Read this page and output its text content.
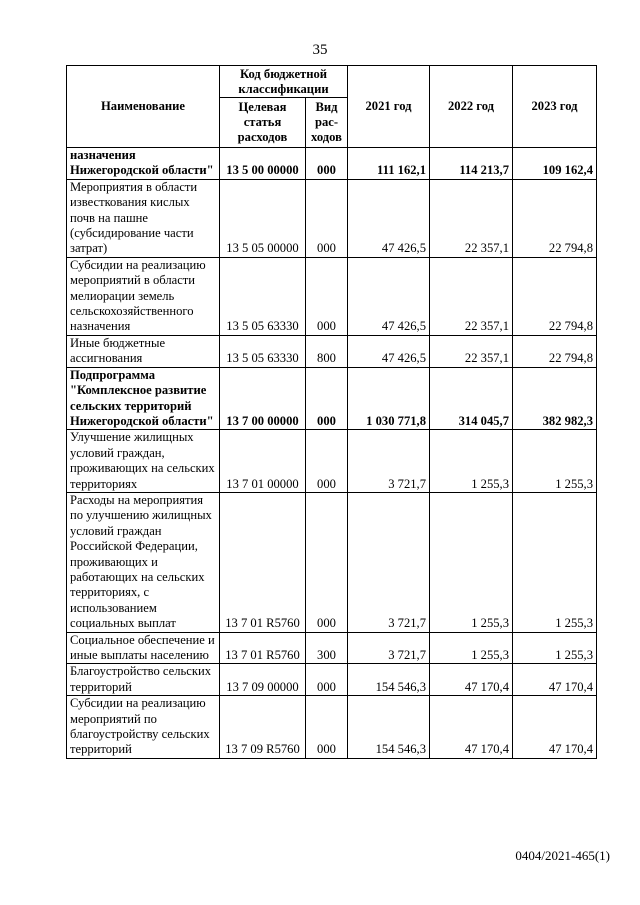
35
Наименование	Код бюджетной классификации		2021 год	2022 год	2023 год
	Целевая статья расходов	Вид рас-ходов			
назначения Нижегородской области"	13 5 00 00000	000	111 162,1	114 213,7	109 162,4
Мероприятия в области известкования кислых почв на пашне (субсидирование части затрат)	13 5 05 00000	000	47 426,5	22 357,1	22 794,8
Субсидии на реализацию мероприятий в области мелиорации земель сельскохозяйственного назначения	13 5 05 63330	000	47 426,5	22 357,1	22 794,8
Иные бюджетные ассигнования	13 5 05 63330	800	47 426,5	22 357,1	22 794,8
Подпрограмма "Комплексное развитие сельских территорий Нижегородской области"	13 7 00 00000	000	1 030 771,8	314 045,7	382 982,3
Улучшение жилищных условий граждан, проживающих на сельских территориях	13 7 01 00000	000	3 721,7	1 255,3	1 255,3
Расходы на мероприятия по улучшению жилищных условий граждан Российской Федерации, проживающих и работающих на сельских территориях, с использованием социальных выплат	13 7 01 R5760	000	3 721,7	1 255,3	1 255,3
Социальное обеспечение и иные выплаты населению	13 7 01 R5760	300	3 721,7	1 255,3	1 255,3
Благоустройство сельских территорий	13 7 09 00000	000	154 546,3	47 170,4	47 170,4
Субсидии на реализацию мероприятий по благоустройству сельских территорий	13 7 09 R5760	000	154 546,3	47 170,4	47 170,4
0404/2021-465(1)
